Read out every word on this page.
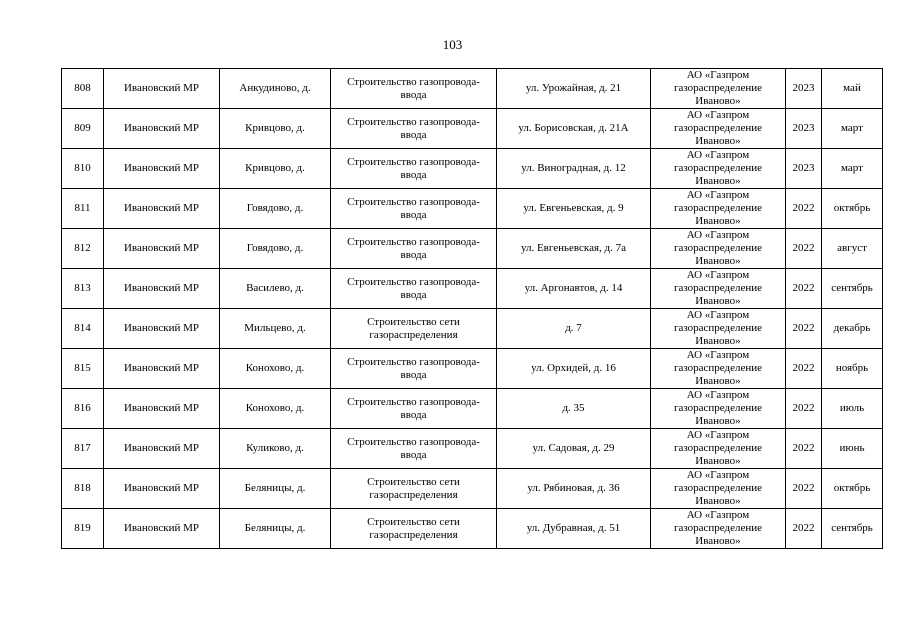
103
808	Ивановский МР	Анкудиново, д.	Строительство газопровода-
ввода	ул. Урожайная, д. 21	АО «Газпром
газораспределение
Иваново»	2023	май
809	Ивановский МР	Кривцово, д.	Строительство газопровода-
ввода	ул. Борисовская, д. 21А	АО «Газпром
газораспределение
Иваново»	2023	март
810	Ивановский МР	Кривцово, д.	Строительство газопровода-
ввода	ул. Виноградная, д. 12	АО «Газпром
газораспределение
Иваново»	2023	март
811	Ивановский МР	Говядово, д.	Строительство газопровода-
ввода	ул. Евгеньевская, д. 9	АО «Газпром
газораспределение
Иваново»	2022	октябрь
812	Ивановский МР	Говядово, д.	Строительство газопровода-
ввода	ул. Евгеньевская, д. 7а	АО «Газпром
газораспределение
Иваново»	2022	август
813	Ивановский МР	Василево, д.	Строительство газопровода-
ввода	ул. Аргонавтов, д. 14	АО «Газпром
газораспределение
Иваново»	2022	сентябрь
814	Ивановский МР	Мильцево, д.	Строительство сети
газораспределения	д. 7	АО «Газпром
газораспределение
Иваново»	2022	декабрь
815	Ивановский МР	Конохово, д.	Строительство газопровода-
ввода	ул. Орхидей, д. 16	АО «Газпром
газораспределение
Иваново»	2022	ноябрь
816	Ивановский МР	Конохово, д.	Строительство газопровода-
ввода	д. 35	АО «Газпром
газораспределение
Иваново»	2022	июль
817	Ивановский МР	Куликово, д.	Строительство газопровода-
ввода	ул. Садовая, д. 29	АО «Газпром
газораспределение
Иваново»	2022	июнь
818	Ивановский МР	Беляницы, д.	Строительство сети
газораспределения	ул. Рябиновая, д. 36	АО «Газпром
газораспределение
Иваново»	2022	октябрь
819	Ивановский МР	Беляницы, д.	Строительство сети
газораспределения	ул. Дубравная, д. 51	АО «Газпром
газораспределение
Иваново»	2022	сентябрь
